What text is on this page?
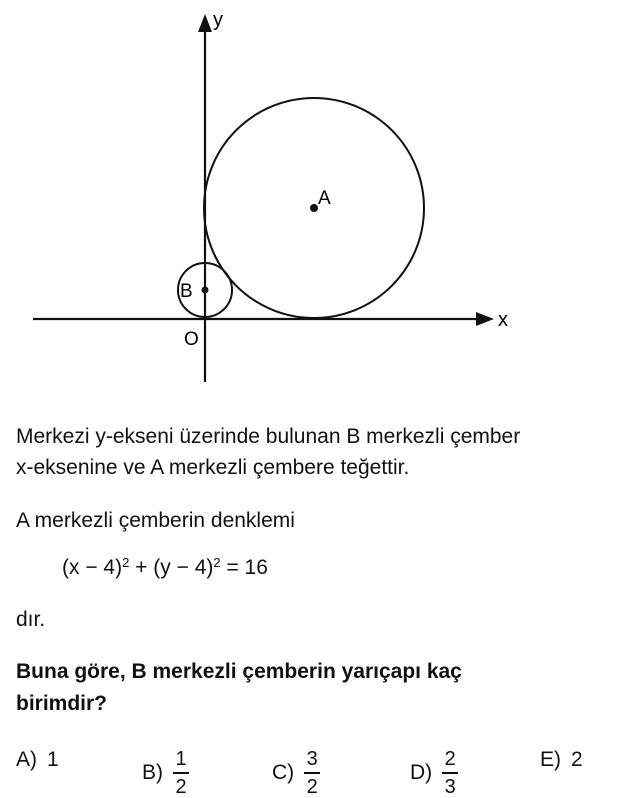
x
y
O
A
B
Merkezi y-ekseni üzerinde bulunan B merkezli çember
x-eksenine ve A merkezli çembere teğettir.
A merkezli çemberin denklemi
$(x - 4)^2 + (y - 4)^2 = 16$
dır.
Buna göre, B merkezli çemberin yarıçapı kaç
birimdir?
A) 1
$B) \frac{1}{2}$	$C) \frac{3}{2}$	$D) \frac{2}{3}$	E) 2
